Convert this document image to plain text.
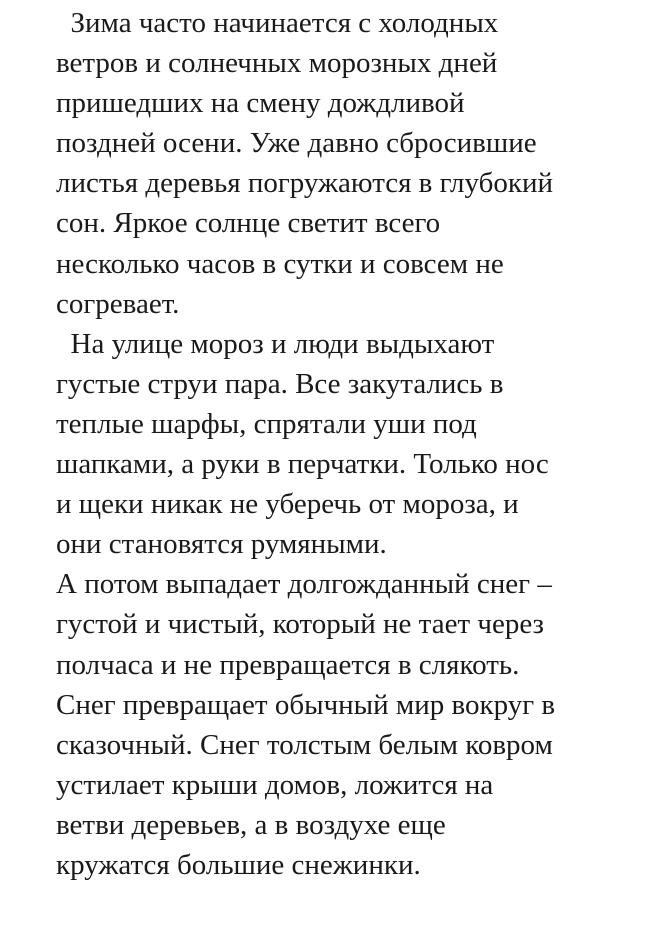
Зима часто начинается с холодных
ветров и солнечных морозных дней
пришедших на смену дождливой
поздней осени. Уже давно сбросившие
листья деревья погружаются в глубокий
сон. Яркое солнце светит всего
несколько часов в сутки и совсем не
согревает.
На улице мороз и люди выдыхают
густые струи пара. Все закутались в
теплые шарфы, спрятали уши под
шапками, а руки в перчатки. Только нос
и щеки никак не уберечь от мороза, и
они становятся румяными.
А потом выпадает долгожданный снег –
густой и чистый, который не тает через
полчаса и не превращается в слякоть.
Снег превращает обычный мир вокруг в
сказочный. Снег толстым белым ковром
устилает крыши домов, ложится на
ветви деревьев, а в воздухе еще
кружатся большие снежинки.
